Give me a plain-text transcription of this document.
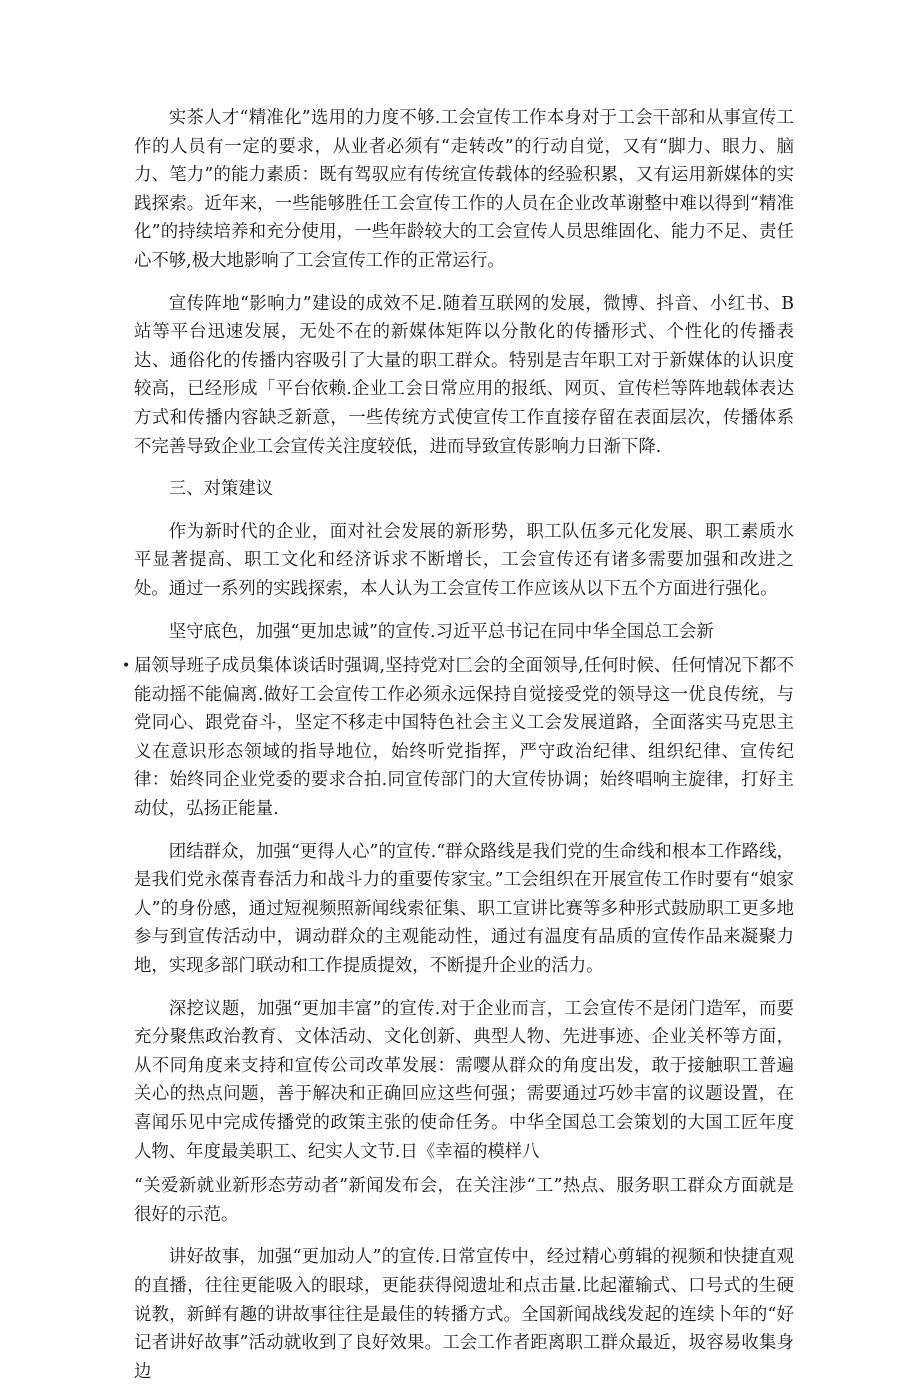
实茶人才“精准化”选用的力度不够.工会宣传工作本身对于工会干部和从事宣传工作的人员有一定的要求，从业者必须有“走转改”的行动自觉，又有“脚力、眼力、脑力、笔力”的能力素质：既有驾驭应有传统宣传载体的经验积累，又有运用新媒体的实践探索。近年来，一些能够胜任工会宣传工作的人员在企业改革谢整中难以得到“精准化”的持续培养和充分使用，一些年龄较大的工会宣传人员思维固化、能力不足、责任心不够,极大地影响了工会宣传工作的正常运行。

宣传阵地“影响力”建设的成效不足.随着互联网的发展，微博、抖音、小红书、B站等平台迅速发展，无处不在的新媒体矩阵以分散化的传播形式、个性化的传播表达、通俗化的传播内容吸引了大量的职工群众。特别是吉年职工对于新媒体的认识度较高，已经形成「平台依赖.企业工会日常应用的报纸、网页、宣传栏等阵地载体表达方式和传播内容缺乏新意，一些传统方式使宣传工作直接存留在表面层次，传播体系不完善导致企业工会宣传关注度较低，进而导致宣传影响力日渐下降.

三、对策建议

作为新时代的企业，面对社会发展的新形势，职工队伍多元化发展、职工素质水平显著提高、职工文化和经济诉求不断增长，工会宣传还有诸多需要加强和改进之处。通过一系列的实践探索，本人认为工会宣传工作应该从以下五个方面进行强化。

坚守底色，加强“更加忠诚”的宣传.习近平总书记在同中华全国总工会新

• 届领导班子成员集体谈话时强调,坚持党对匚会的全面领导,任何时候、任何情况下都不能动摇不能偏离.做好工会宣传工作必须永远保持自觉接受党的领导这一优良传统，与党同心、跟党奋斗，坚定不移走中国特色社会主义工会发展道路，全面落实马克思主义在意识形态领域的指导地位，始终听党指挥，严守政治纪律、组织纪律、宣传纪律：始终同企业党委的要求合拍.同宣传部门的大宣传协调；始终唱响主旋律，打好主动仗，弘扬正能量.

团结群众，加强“更得人心”的宣传.“群众路线是我们党的生命线和根本工作路线，是我们党永葆青春活力和战斗力的重要传家宝。”工会组织在开展宣传工作时要有“娘家人”的身份感，通过短视频照新闻线索征集、职工宣讲比赛等多种形式鼓励职工更多地参与到宣传活动中，调动群众的主观能动性，通过有温度有品质的宣传作品来凝聚力地，实现多部门联动和工作提质提效，不断提升企业的活力。

深挖议题，加强“更加丰富”的宣传.对于企业而言，工会宣传不是闭门造军，而要充分聚焦政治教育、文体活动、文化创新、典型人物、先进事迹、企业关杯等方面，从不同角度来支持和宣传公司改革发展：需嘤从群众的角度出发，敢于接触职工普遍关心的热点问题，善于解决和正确回应这些何强；需要通过巧妙丰富的议题设置，在喜闻乐见中完成传播党的政策主张的使命任务。中华全国总工会策划的大国工匠年度人物、年度最美职工、纪实人文节.日《幸福的模样八

“关爱新就业新形态劳动者”新闻发布会，在关注涉“工”热点、服务职工群众方面就是很好的示范。

讲好故事，加强“更加动人”的宣传.日常宣传中，经过精心剪辑的视频和快捷直观的直播，往往更能吸入的眼球，更能获得阅遗址和点击量.比起灌输式、口号式的生硬说教，新鲜有趣的讲故事往往是最佳的转播方式。全国新闻战线发起的连续卜年的“好记者讲好故事”活动就收到了良好效果。工会工作者距离职工群众最近，圾容易收集身边
